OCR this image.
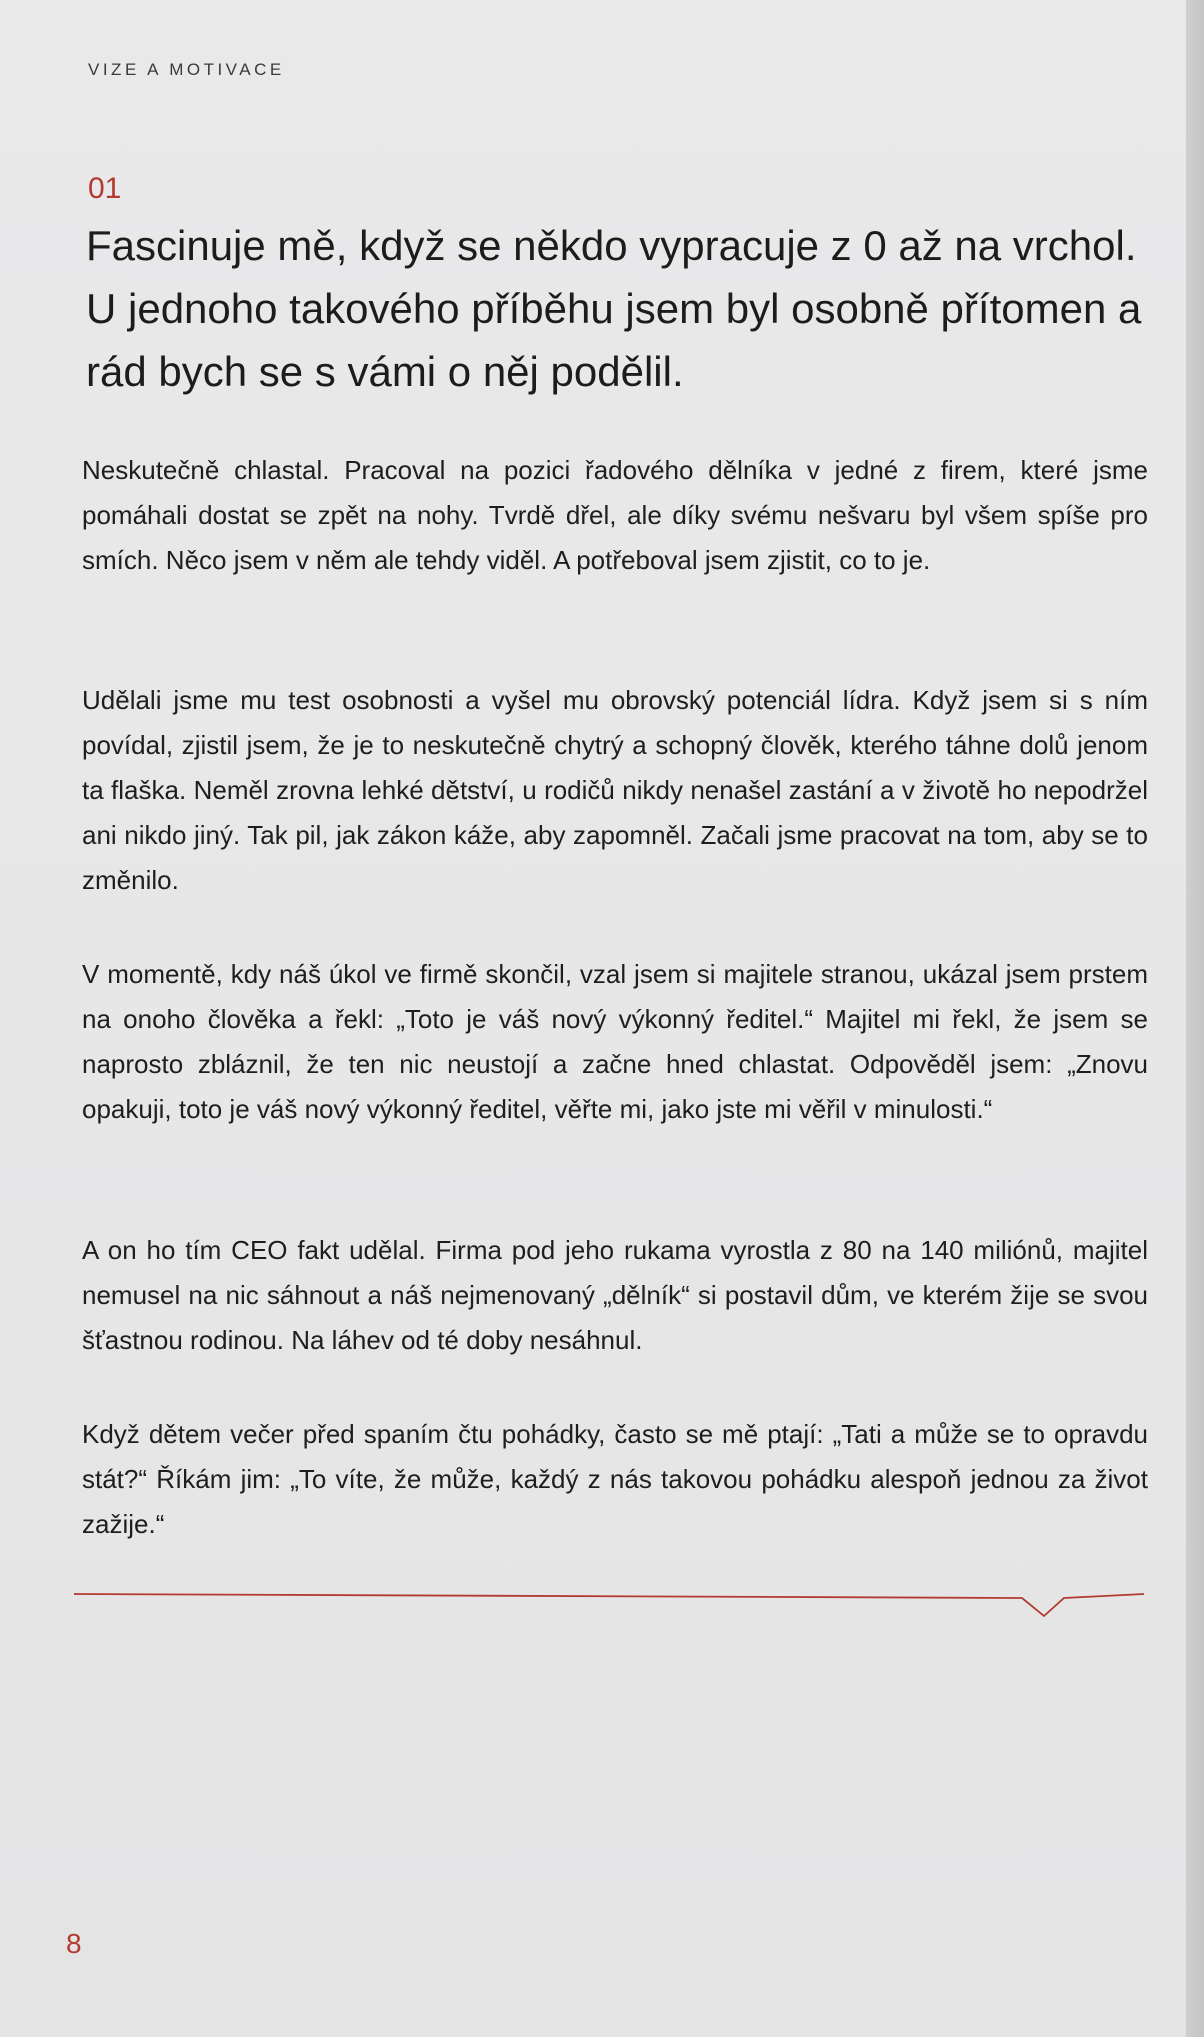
VIZE A MOTIVACE
01
Fascinuje mě, když se někdo vypracuje z 0 až na vrchol. U jednoho takového příběhu jsem byl osobně přítomen a rád bych se s vámi o něj podělil.
Neskutečně chlastal. Pracoval na pozici řadového dělníka v jedné z firem, které jsme pomáhali dostat se zpět na nohy. Tvrdě dřel, ale díky svému nešvaru byl všem spíše pro smích. Něco jsem v něm ale tehdy viděl. A potřeboval jsem zjistit, co to je.
Udělali jsme mu test osobnosti a vyšel mu obrovský potenciál lídra. Když jsem si s ním povídal, zjistil jsem, že je to neskutečně chytrý a schopný člověk, kterého táhne dolů jenom ta flaška. Neměl zrovna lehké dětství, u rodičů nikdy nenašel zastání a v životě ho nepodržel ani nikdo jiný. Tak pil, jak zákon káže, aby zapomněl. Začali jsme pracovat na tom, aby se to změnilo.
V momentě, kdy náš úkol ve firmě skončil, vzal jsem si majitele stranou, ukázal jsem prstem na onoho člověka a řekl: „Toto je váš nový výkonný ředitel.“ Majitel mi řekl, že jsem se naprosto zbláznil, že ten nic neustojí a začne hned chlastat. Odpověděl jsem: „Znovu opakuji, toto je váš nový výkonný ředitel, věřte mi, jako jste mi věřil v minulosti.“
A on ho tím CEO fakt udělal. Firma pod jeho rukama vyrostla z 80 na 140 miliónů, majitel nemusel na nic sáhnout a náš nejmenovaný „dělník“ si postavil dům, ve kterém žije se svou šťastnou rodinou. Na láhev od té doby nesáhnul.
Když dětem večer před spaním čtu pohádky, často se mě ptají: „Tati a může se to opravdu stát?“ Říkám jim: „To víte, že může, každý z nás takovou pohádku alespoň jednou za život zažije.“
8
